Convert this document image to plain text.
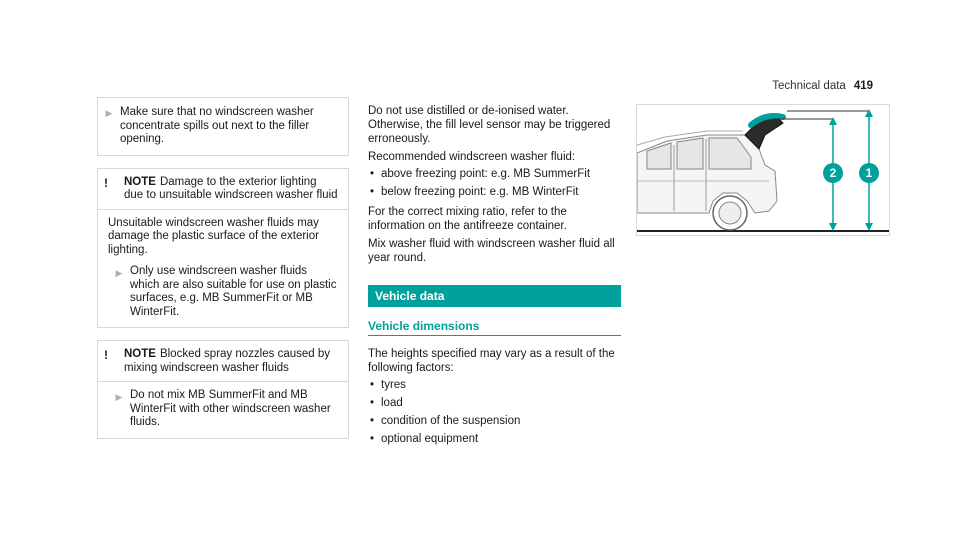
Technical data 419
▶ Make sure that no windscreen washer concentrate spills out next to the filler opening.
!	NOTE Damage to the exterior lighting due to unsuitable windscreen washer fluid
Unsuitable windscreen washer fluids may damage the plastic surface of the exterior lighting.
▶ Only use windscreen washer fluids which are also suitable for use on plastic surfaces, e.g. MB SummerFit or MB WinterFit.
!	NOTE Blocked spray nozzles caused by mixing windscreen washer fluids
▶ Do not mix MB SummerFit and MB WinterFit with other windscreen washer fluids.

Do not use distilled or de-ionised water. Otherwise, the fill level sensor may be triggered erroneously.

Recommended windscreen washer fluid:

• above freezing point: e.g. MB SummerFit
• below freezing point: e.g. MB WinterFit

For the correct mixing ratio, refer to the information on the antifreeze container.

Mix washer fluid with windscreen washer fluid all year round.

Vehicle data
Vehicle dimensions

The heights specified may vary as a result of the following factors:

• tyres
• load
• condition of the suspension
• optional equipment
2 1
